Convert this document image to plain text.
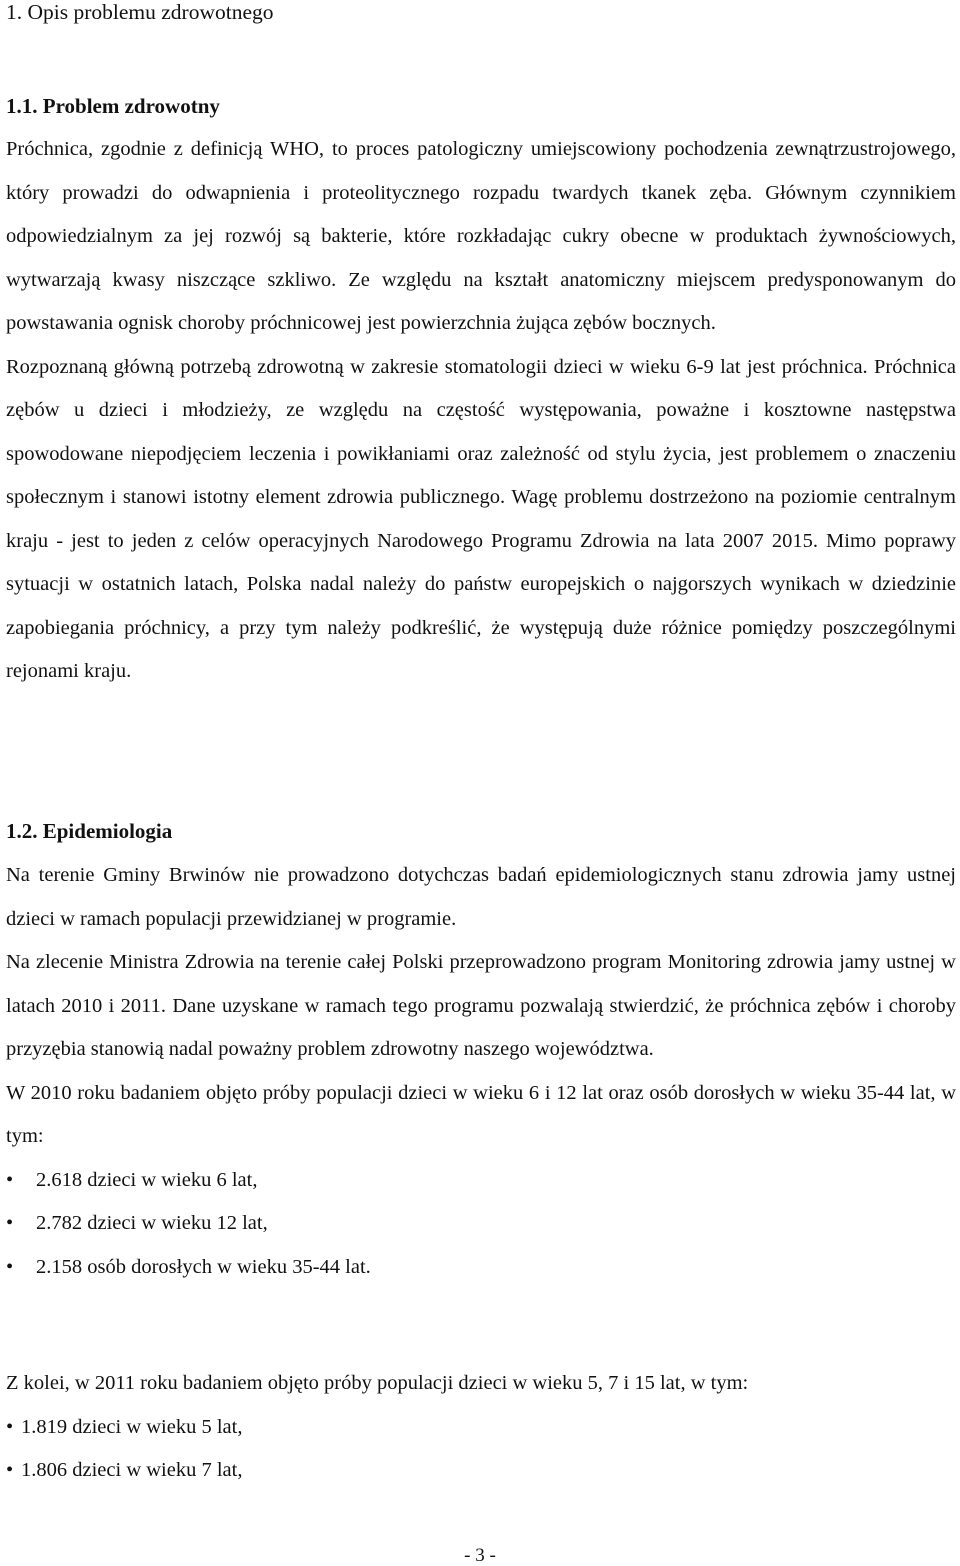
1. Opis problemu zdrowotnego
1.1. Problem zdrowotny

Próchnica, zgodnie z definicją WHO, to proces patologiczny umiejscowiony pochodzenia zewnątrzustrojowego, który prowadzi do odwapnienia i proteolitycznego rozpadu twardych tkanek zęba. Głównym czynnikiem odpowiedzialnym za jej rozwój są bakterie, które rozkładając cukry obecne w produktach żywnościowych, wytwarzają kwasy niszczące szkliwo. Ze względu na kształt anatomiczny miejscem predysponowanym do powstawania ognisk choroby próchnicowej jest powierzchnia żująca zębów bocznych.

Rozpoznaną główną potrzebą zdrowotną w zakresie stomatologii dzieci w wieku 6-9 lat jest próchnica. Próchnica zębów u dzieci i młodzieży, ze względu na częstość występowania, poważne i kosztowne następstwa spowodowane niepodjęciem leczenia i powikłaniami oraz zależność od stylu życia, jest problemem o znaczeniu społecznym i stanowi istotny element zdrowia publicznego. Wagę problemu dostrzeżono na poziomie centralnym kraju - jest to jeden z celów operacyjnych Narodowego Programu Zdrowia na lata 2007 2015. Mimo poprawy sytuacji w ostatnich latach, Polska nadal należy do państw europejskich o najgorszych wynikach w dziedzinie zapobiegania próchnicy, a przy tym należy podkreślić, że występują duże różnice pomiędzy poszczególnymi rejonami kraju.

1.2. Epidemiologia

Na terenie Gminy Brwinów nie prowadzono dotychczas badań epidemiologicznych stanu zdrowia jamy ustnej dzieci w ramach populacji przewidzianej w programie.

Na zlecenie Ministra Zdrowia na terenie całej Polski przeprowadzono program Monitoring zdrowia jamy ustnej w latach 2010 i 2011. Dane uzyskane w ramach tego programu pozwalają stwierdzić, że próchnica zębów i choroby przyzębia stanowią nadal poważny problem zdrowotny naszego województwa.

W 2010 roku badaniem objęto próby populacji dzieci w wieku 6 i 12 lat oraz osób dorosłych w wieku 35-44 lat, w tym:

• 2.618 dzieci w wieku 6 lat,
• 2.782 dzieci w wieku 12 lat,
• 2.158 osób dorosłych w wieku 35-44 lat.
Z kolei, w 2011 roku badaniem objęto próby populacji dzieci w wieku 5, 7 i 15 lat, w tym:
• 1.819 dzieci w wieku 5 lat,
• 1.806 dzieci w wieku 7 lat,
- 3 -
